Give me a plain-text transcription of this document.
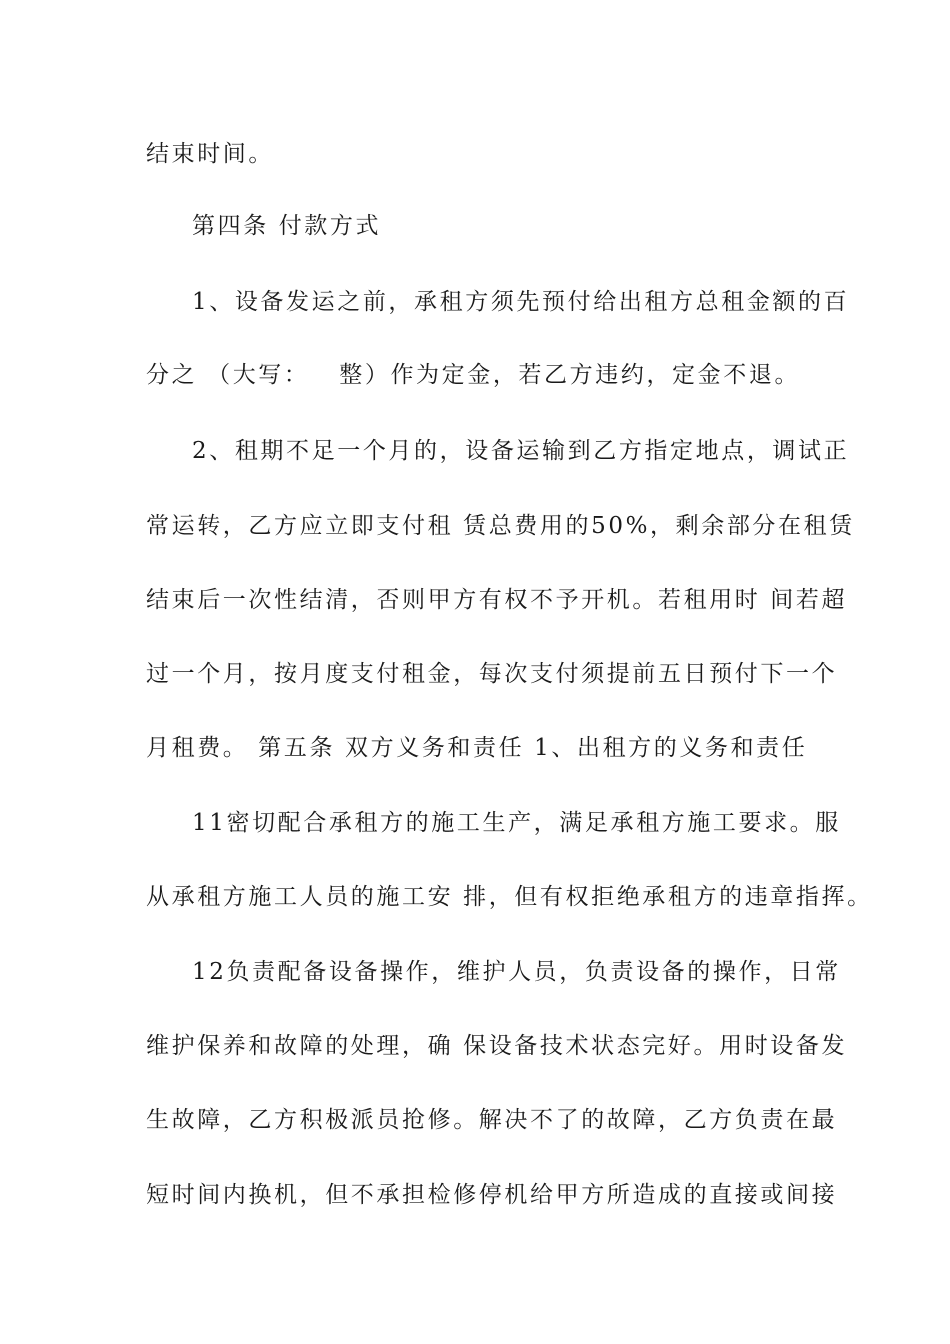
结束时间。
第四条 付款方式
1、设备发运之前，承租方须先预付给出租方总租金额的百
分之 （大写：   整）作为定金，若乙方违约，定金不退。
2、租期不足一个月的，设备运输到乙方指定地点，调试正
常运转，乙方应立即支付租 赁总费用的50%，剩余部分在租赁
结束后一次性结清，否则甲方有权不予开机。若租用时 间若超
过一个月，按月度支付租金，每次支付须提前五日预付下一个
月租费。 第五条 双方义务和责任 1、出租方的义务和责任
11密切配合承租方的施工生产，满足承租方施工要求。服
从承租方施工人员的施工安 排，但有权拒绝承租方的违章指挥。
12负责配备设备操作，维护人员，负责设备的操作，日常
维护保养和故障的处理，确 保设备技术状态完好。用时设备发
生故障，乙方积极派员抢修。解决不了的故障，乙方负责在最
短时间内换机，但不承担检修停机给甲方所造成的直接或间接
